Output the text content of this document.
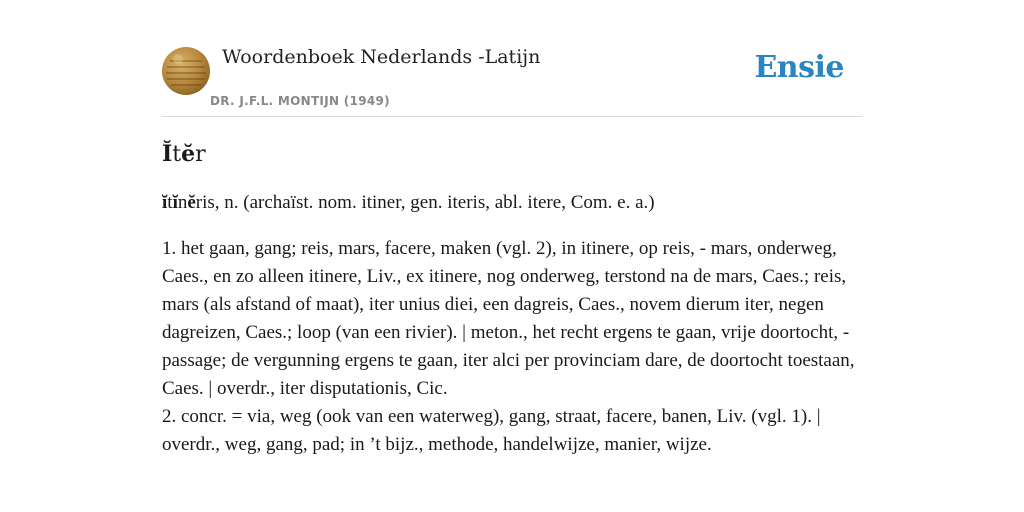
Woordenboek Nederlands -Latijn
DR. J.F.L. MONTIJN (1949)
Ensie
Ĭtĕr
ĭtĭnĕris, n. (archaïst. nom. itiner, gen. iteris, abl. itere, Com. e. a.)

1. het gaan, gang; reis, mars, facere, maken (vgl. 2), in itinere, op reis, - mars, onderweg, Caes., en zo alleen itinere, Liv., ex itinere, nog onderweg, terstond na de mars, Caes.; reis, mars (als afstand of maat), iter unius diei, een dagreis, Caes., novem dierum iter, negen dagreizen, Caes.; loop (van een rivier). | meton., het recht ergens te gaan, vrije doortocht, - passage; de vergunning ergens te gaan, iter alci per provinciam dare, de doortocht toestaan, Caes. | overdr., iter disputationis, Cic.

2. concr. = via, weg (ook van een waterweg), gang, straat, facere, banen, Liv. (vgl. 1). | overdr., weg, gang, pad; in ’t bijz., methode, handelwijze, manier, wijze.
